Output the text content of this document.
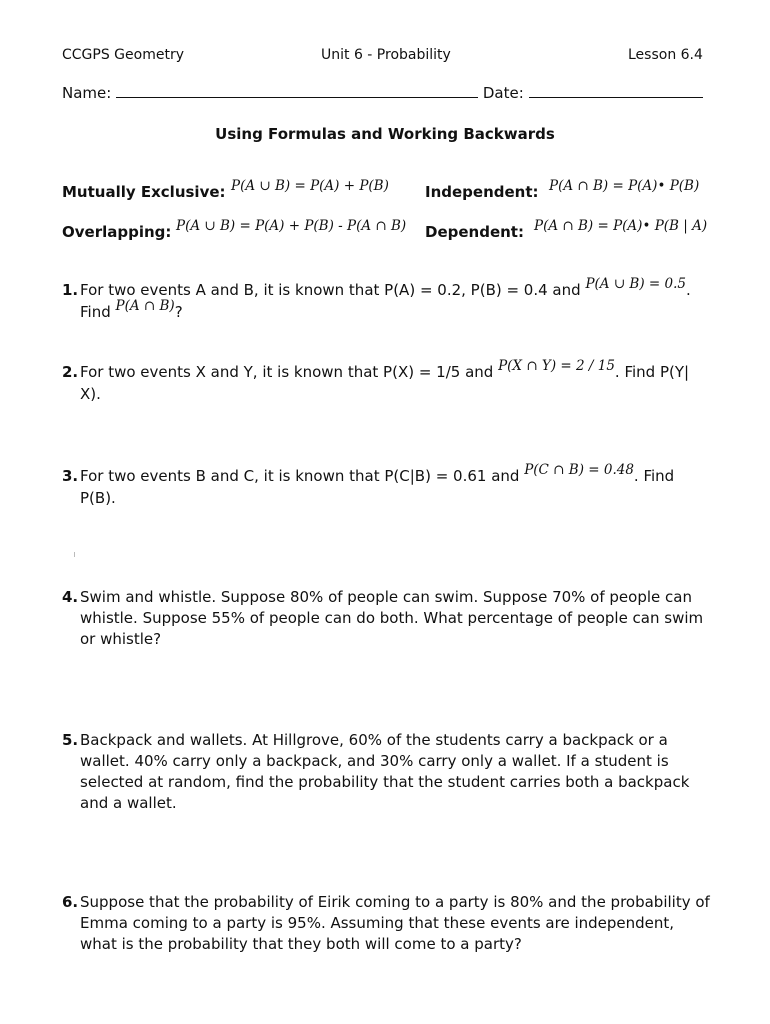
CCGPS Geometry	Unit 6 - Probability	Lesson 6.4
Name:	Date:
Using Formulas and Working Backwards
Mutually Exclusive: P(A ∪ B) = P(A) + P(B) Independent: P(A ∩ B) = P(A)• P(B)
Overlapping: P(A ∪ B) = P(A) + P(B) - P(A ∩ B) Dependent: P(A ∩ B) = P(A)• P(B | A)
1. For two events A and B, it is known that P(A) = 0.2, P(B) = 0.4 and P(A ∪ B) = 0.5.
Find P(A ∩ B)?
2. For two events X and Y, it is known that P(X) = 1/5 and P(X ∩ Y) = 2 / 15. Find P(Y|
X).
3. For two events B and C, it is known that P(C|B) = 0.61 and P(C ∩ B) = 0.48. Find
P(B).
4. Swim and whistle. Suppose 80% of people can swim. Suppose 70% of people can whistle. Suppose 55% of people can do both. What percentage of people can swim or whistle?
5. Backpack and wallets. At Hillgrove, 60% of the students carry a backpack or a wallet. 40% carry only a backpack, and 30% carry only a wallet. If a student is selected at random, find the probability that the student carries both a backpack and a wallet.
6. Suppose that the probability of Eirik coming to a party is 80% and the probability of Emma coming to a party is 95%. Assuming that these events are independent, what is the probability that they both will come to a party?
